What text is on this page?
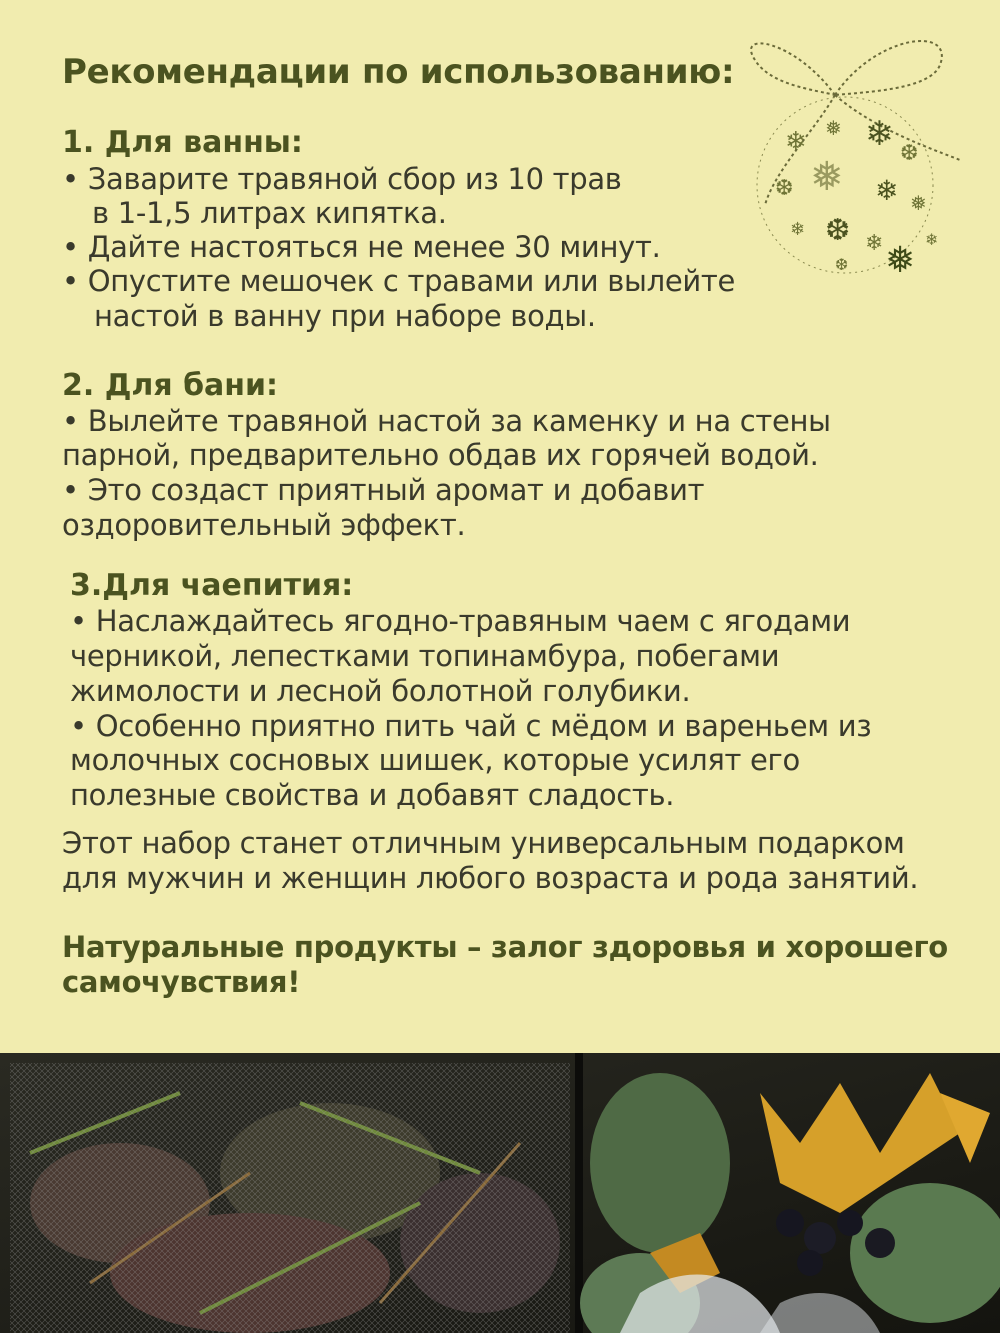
Рекомендации по использованию:
❄ ❅ ❄ ❆
❆ ❅ ❄ ❅
❄ ❆ ❄ ❅
❆
❄
1. Для ванны:
• Заварите травяной сбор из 10 трав
в 1-1,5 литрах кипятка.
• Дайте настояться не менее 30 минут.
• Опустите мешочек с травами или вылейте
настой в ванну при наборе воды.
2. Для бани:
• Вылейте травяной настой за каменку и на стены
парной, предварительно обдав их горячей водой.
• Это создаст приятный аромат и добавит
оздоровительный эффект.
3.Для чаепития:
• Наслаждайтесь ягодно-травяным чаем с ягодами
черникой, лепестками топинамбура, побегами
жимолости и лесной болотной голубики.
• Особенно приятно пить чай с мёдом и вареньем из
молочных сосновых шишек, которые усилят его
полезные свойства и добавят сладость.
Этот набор станет отличным универсальным подарком
для мужчин и женщин любого возраста и рода занятий.
Натуральные продукты – залог здоровья и хорошего
самочувствия!
